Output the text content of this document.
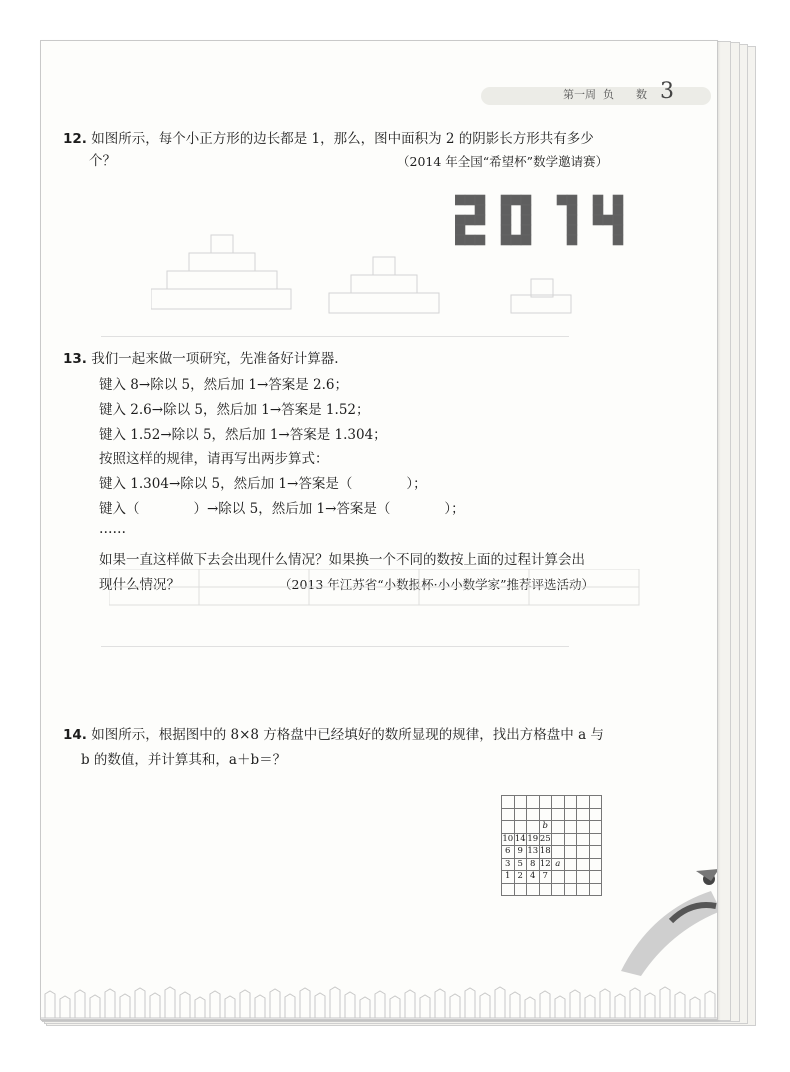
第一周 负　　数 3
――――――――――――――――――――――――――――――――――――
――――――――――――――――――――――――――――――――――――
12. 如图所示，每个小正方形的边长都是 1，那么，图中面积为 2 的阴影长方形共有多少
个？	（2014 年全国“希望杯”数学邀请赛）
13. 我们一起来做一项研究，先准备好计算器.
键入 8→除以 5，然后加 1→答案是 2.6；
键入 2.6→除以 5，然后加 1→答案是 1.52；
键入 1.52→除以 5，然后加 1→答案是 1.304；
按照这样的规律，请再写出两步算式：
键入 1.304→除以 5，然后加 1→答案是（　　　　）；
键入（　　　　）→除以 5，然后加 1→答案是（　　　　）；
……
如果一直这样做下去会出现什么情况？如果换一个不同的数按上面的过程计算会出
现什么情况？	（2013 年江苏省“小数报杯·小小数学家”推荐评选活动）
14. 如图所示，根据图中的 8×8 方格盘中已经填好的数所显现的规律，找出方格盘中 a 与
b 的数值，并计算其和，a＋b＝？

			b				
10	14	19	25				
6	9	13	18				
3	5	8	12	a			
1	2	4	7				
